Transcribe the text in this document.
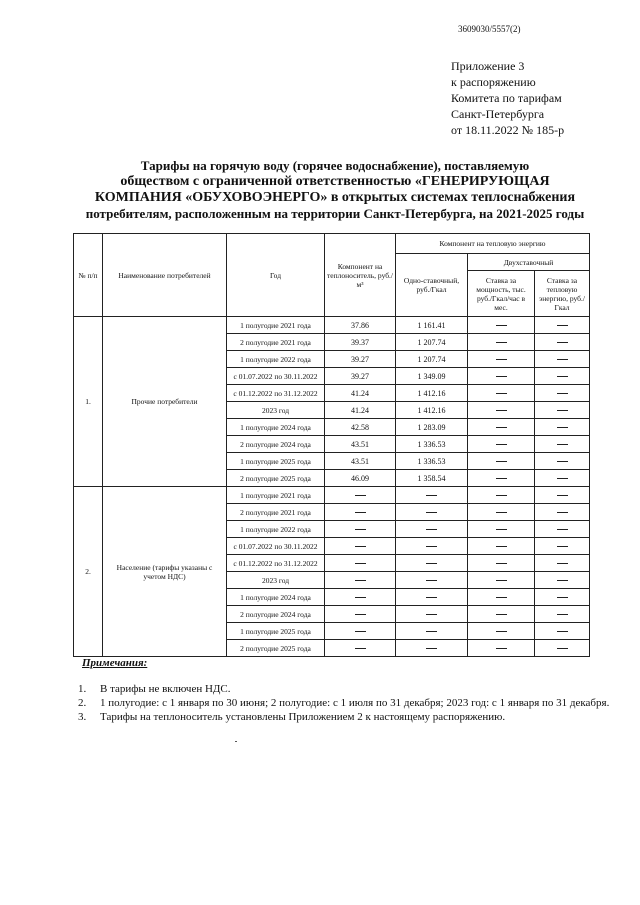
3609030/5557(2)
Приложение 3
к распоряжению
Комитета по тарифам
Санкт-Петербурга
от 18.11.2022 № 185-р
Тарифы на горячую воду (горячее водоснабжение), поставляемую
обществом с ограниченной ответственностью «ГЕНЕРИРУЮЩАЯ
КОМПАНИЯ «ОБУХОВОЭНЕРГО» в открытых системах теплоснабжения
потребителям, расположенным на территории Санкт-Петербурга, на 2021-2025 годы
№ п/п	Наименование потребителей	Год	Компонент на теплоноситель, руб./м³	Компонент на тепловую энергию		
				Одно-ставочный, руб./Гкал	Двухставочный	
					Ставка за мощность, тыс. руб./Гкал/час в мес.	Ставка за тепловую энергию, руб./Гкал
1.	Прочие потребители	1 полугодие 2021 года	37.86	1 161.41		
		2 полугодие 2021 года	39.37	1 207.74		
		1 полугодие 2022 года	39.27	1 207.74		
		с 01.07.2022 по 30.11.2022	39.27	1 349.09		
		с 01.12.2022 по 31.12.2022	41.24	1 412.16		
		2023 год	41.24	1 412.16		
		1 полугодие 2024 года	42.58	1 283.09		
		2 полугодие 2024 года	43.51	1 336.53		
		1 полугодие 2025 года	43.51	1 336.53		
		2 полугодие 2025 года	46.09	1 358.54		
2.	Население (тарифы указаны с учетом НДС)	1 полугодие 2021 года				
		2 полугодие 2021 года				
		1 полугодие 2022 года				
		с 01.07.2022 по 30.11.2022				
		с 01.12.2022 по 31.12.2022				
		2023 год				
		1 полугодие 2024 года				
		2 полугодие 2024 года				
		1 полугодие 2025 года				
		2 полугодие 2025 года				
Примечания:
1.	В тарифы не включен НДС.
2.	1 полугодие: с 1 января по 30 июня; 2 полугодие: с 1 июля по 31 декабря; 2023 год: с 1 января по 31 декабря.
3.	Тарифы на теплоноситель установлены Приложением 2 к настоящему распоряжению.
